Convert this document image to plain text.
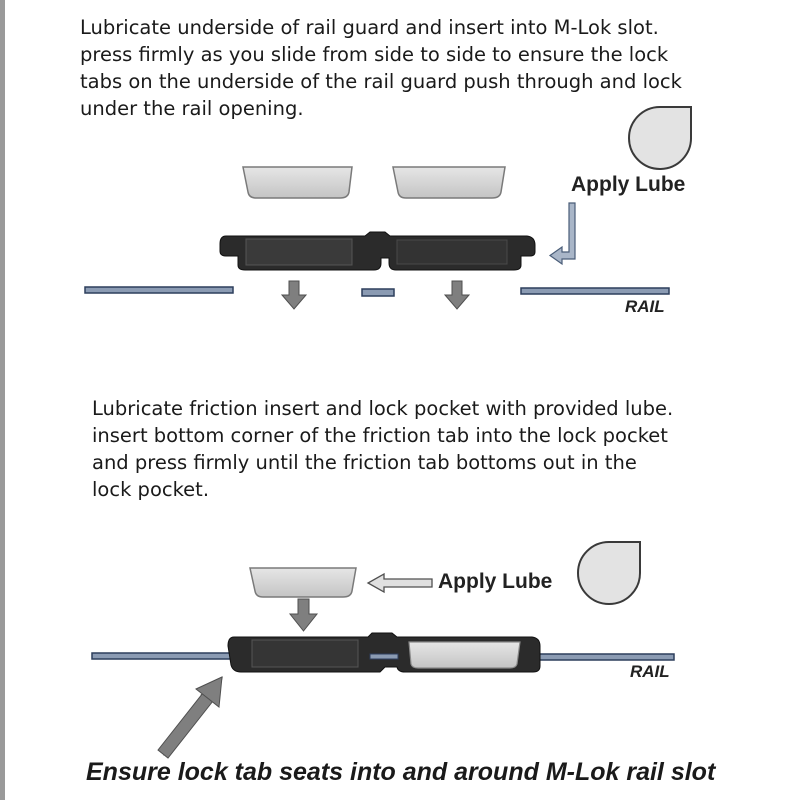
Lubricate underside of rail guard and insert into M-Lok slot.
press firmly as you slide from side to side to ensure the lock
tabs on the underside of the rail guard push through and lock
under the rail opening.

Lubricate friction insert and lock pocket with provided lube.
insert bottom corner of the friction tab into the lock pocket
and press firmly until the friction tab bottoms out in the
lock pocket.

Apply Lube
RAIL
Apply Lube
RAIL
Ensure lock tab seats into and around M-Lok rail slot
